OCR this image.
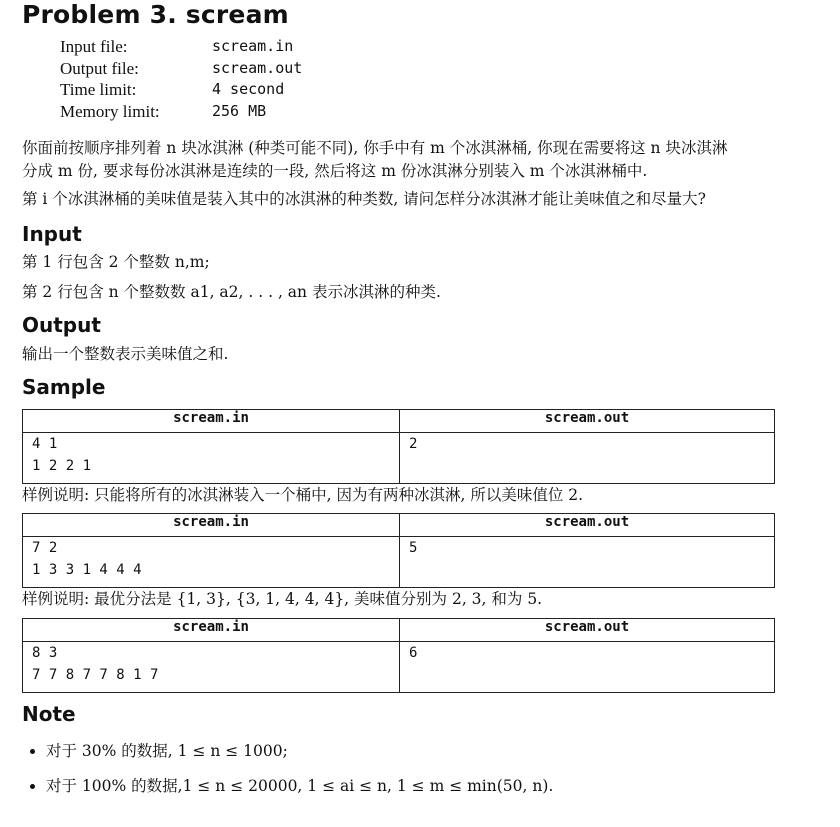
Problem 3. scream
Input file:	scream.in
Output file:	scream.out
Time limit:	4 second
Memory limit:	256 MB
你面前按顺序排列着 n 块冰淇淋 (种类可能不同), 你手中有 m 个冰淇淋桶, 你现在需要将这 n 块冰淇淋
分成 m 份, 要求每份冰淇淋是连续的一段, 然后将这 m 份冰淇淋分别装入 m 个冰淇淋桶中.
第 i 个冰淇淋桶的美味值是装入其中的冰淇淋的种类数, 请问怎样分冰淇淋才能让美味值之和尽量大?
Input
第 1 行包含 2 个整数 n,m;
第 2 行包含 n 个整数数 a1, a2, . . . , an 表示冰淇淋的种类.
Output
输出一个整数表示美味值之和.
Sample
scream.in	scream.out

4 1
1 2 2 1	2
样例说明: 只能将所有的冰淇淋装入一个桶中, 因为有两种冰淇淋, 所以美味值位 2.
scream.in	scream.out

7 2
1 3 3 1 4 4 4	5
样例说明: 最优分法是 {1, 3}, {3, 1, 4, 4, 4}, 美味值分别为 2, 3, 和为 5.
scream.in	scream.out

8 3
7 7 8 7 7 8 1 7	6
Note
• 对于 30% 的数据, 1 ≤ n ≤ 1000;
• 对于 100% 的数据,1 ≤ n ≤ 20000, 1 ≤ ai ≤ n, 1 ≤ m ≤ min(50, n).
